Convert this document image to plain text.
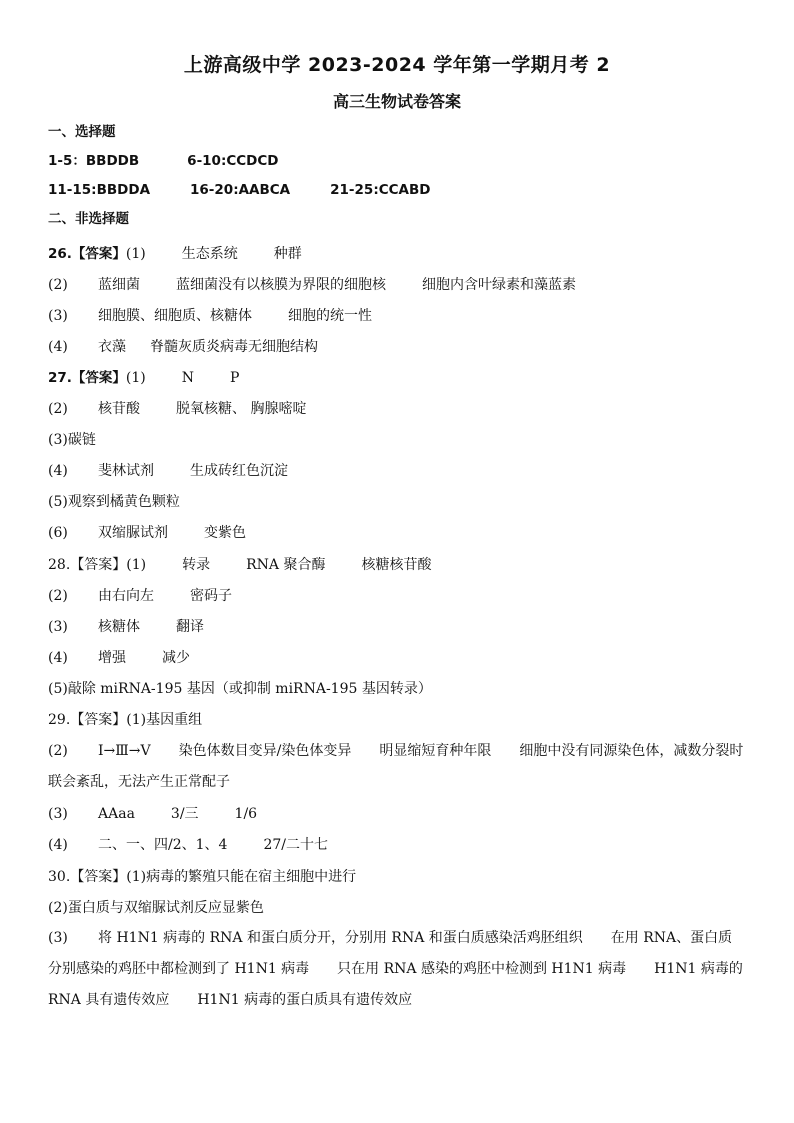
上游高级中学 2023-2024 学年第一学期月考 2
高三生物试卷答案
一、选择题
1-5：BBDDB	6-10:CCDCD
11-15:BBDDA	16-20:AABCA	21-25:CCABD
二、非选择题
26.【答案】(1)	生态系统	种群
(2) 蓝细菌	蓝细菌没有以核膜为界限的细胞核	细胞内含叶绿素和藻蓝素
(3) 细胞膜、细胞质、核糖体	细胞的统一性
(4) 衣藻 脊髓灰质炎病毒无细胞结构
27.【答案】(1)	N	P
(2) 核苷酸	脱氧核糖、 胸腺嘧啶
(3)碳链
(4) 斐林试剂	生成砖红色沉淀
(5)观察到橘黄色颗粒
(6) 双缩脲试剂	变紫色
28.【答案】(1)	转录	RNA 聚合酶	核糖核苷酸
(2) 由右向左	密码子
(3) 核糖体	翻译
(4) 增强	减少
(5)敲除 miRNA-195 基因（或抑制 miRNA-195 基因转录）
29.【答案】(1)基因重组
(2) Ⅰ→Ⅲ→Ⅴ　　染色体数目变异/染色体变异　　明显缩短育种年限　　细胞中没有同源染色体，减数分裂时联会紊乱，无法产生正常配子
(3) AAaa	3/三	1/6
(4) 二、一、四/2、1、4	27/二十七
30.【答案】(1)病毒的繁殖只能在宿主细胞中进行
(2)蛋白质与双缩脲试剂反应显紫色
(3) 将 H1N1 病毒的 RNA 和蛋白质分开，分别用 RNA 和蛋白质感染活鸡胚组织　　在用 RNA、蛋白质分别感染的鸡胚中都检测到了 H1N1 病毒　　只在用 RNA 感染的鸡胚中检测到 H1N1 病毒　　H1N1 病毒的 RNA 具有遗传效应　　H1N1 病毒的蛋白质具有遗传效应
